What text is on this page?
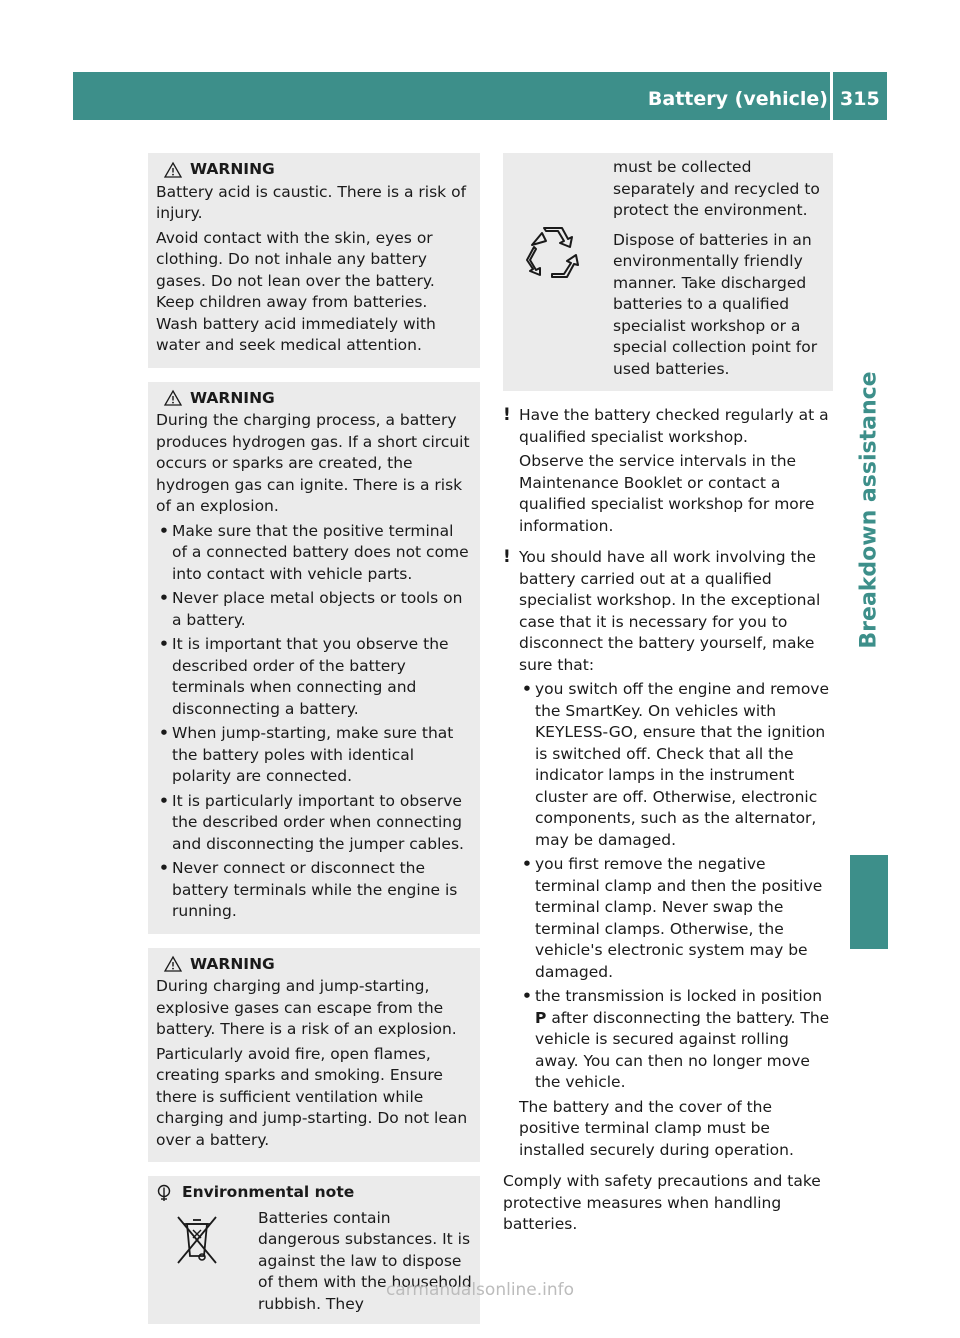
Battery (vehicle) 315
Breakdown assistance
WARNING

Battery acid is caustic. There is a risk of injury.

Avoid contact with the skin, eyes or clothing. Do not inhale any battery gases. Do not lean over the battery. Keep children away from batteries. Wash battery acid immediately with water and seek medical attention.

WARNING

During the charging process, a battery produces hydrogen gas. If a short circuit occurs or sparks are created, the hydrogen gas can ignite. There is a risk of an explosion.

• Make sure that the positive terminal of a connected battery does not come into contact with vehicle parts.
• Never place metal objects or tools on a battery.
• It is important that you observe the described order of the battery terminals when connecting and disconnecting a battery.
• When jump-starting, make sure that the battery poles with identical polarity are connected.
• It is particularly important to observe the described order when connecting and disconnecting the jumper cables.
• Never connect or disconnect the battery terminals while the engine is running.
WARNING

During charging and jump-starting, explosive gases can escape from the battery. There is a risk of an explosion.

Particularly avoid fire, open flames, creating sparks and smoking. Ensure there is sufficient ventilation while charging and jump-starting. Do not lean over a battery.

Environmental note

Batteries contain dangerous substances. It is against the law to dispose of them with the household rubbish. They

must be collected separately and recycled to protect the environment.

Dispose of batteries in an environmentally friendly manner. Take discharged batteries to a qualified specialist workshop or a special collection point for used batteries.

! Have the battery checked regularly at a qualified specialist workshop.

Observe the service intervals in the Maintenance Booklet or contact a qualified specialist workshop for more information.

! You should have all work involving the battery carried out at a qualified specialist workshop. In the exceptional case that it is necessary for you to disconnect the battery yourself, make sure that:

• you switch off the engine and remove the SmartKey. On vehicles with KEYLESS-GO, ensure that the ignition is switched off. Check that all the indicator lamps in the instrument cluster are off. Otherwise, electronic components, such as the alternator, may be damaged.
• you first remove the negative terminal clamp and then the positive terminal clamp. Never swap the terminal clamps. Otherwise, the vehicle's electronic system may be damaged.
• the transmission is locked in position P after disconnecting the battery. The vehicle is secured against rolling away. You can then no longer move the vehicle.

The battery and the cover of the positive terminal clamp must be installed securely during operation.

Comply with safety precautions and take protective measures when handling batteries.

carmanualsonline.info
